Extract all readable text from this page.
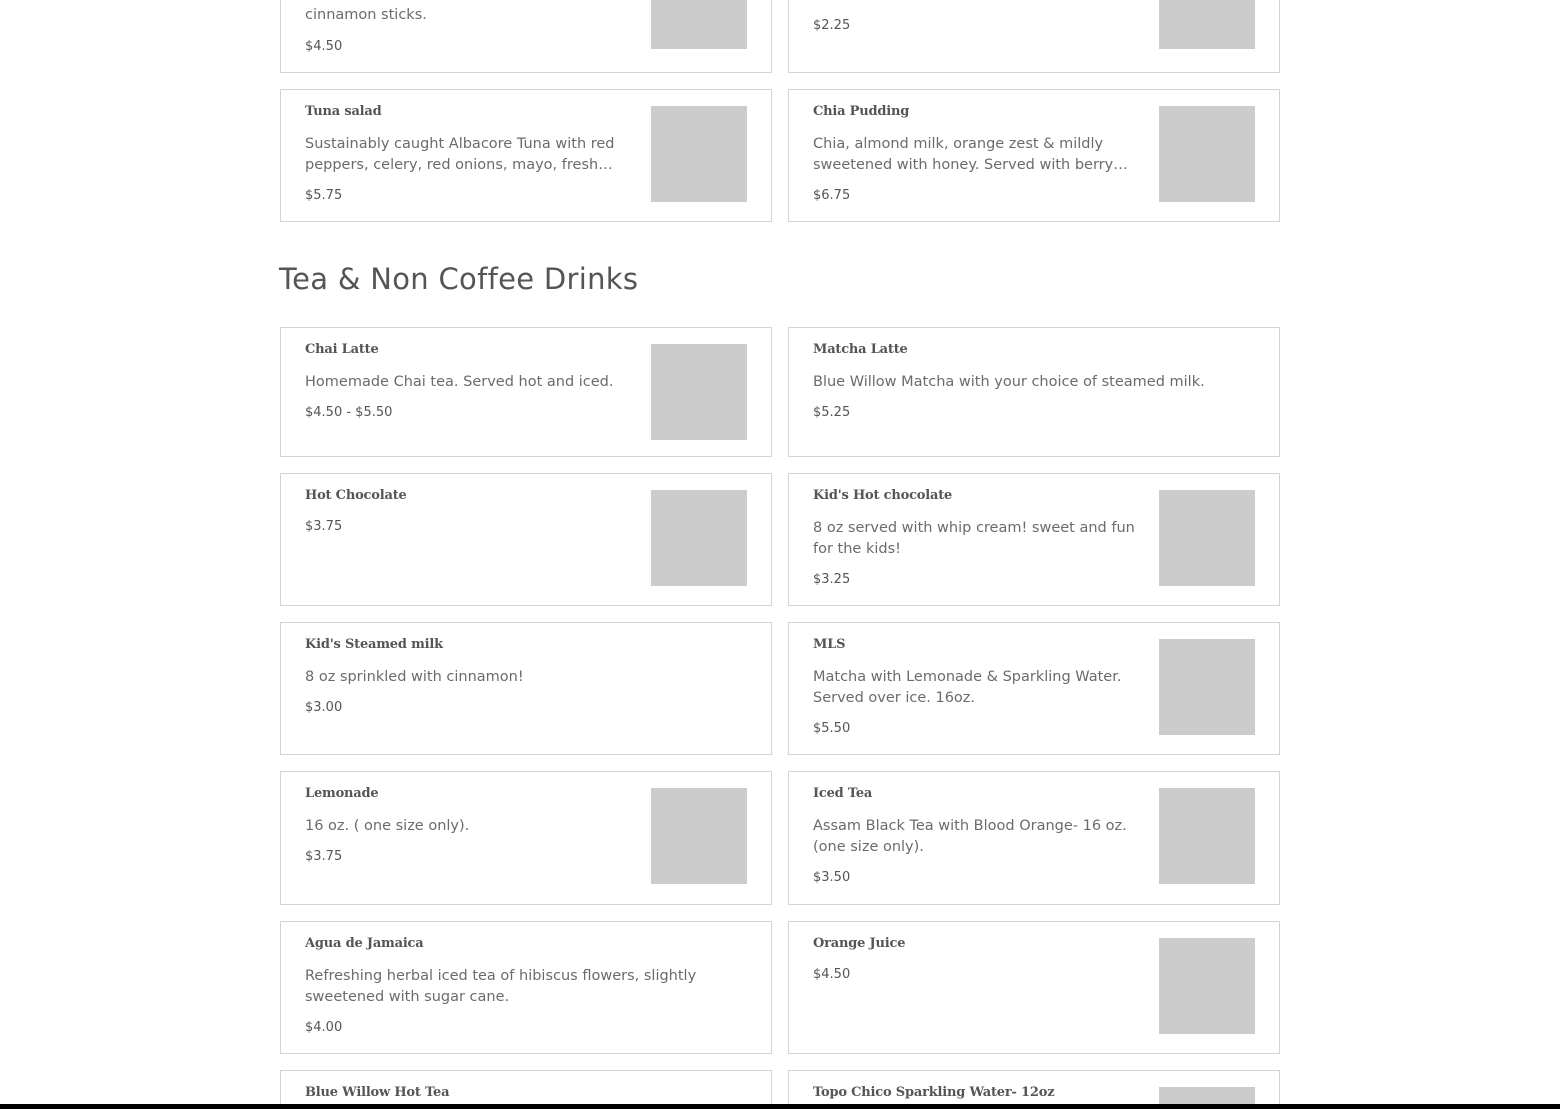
cinnamon sticks.
$4.50
$2.25
Tuna salad
Sustainably caught Albacore Tuna with red peppers, celery, red onions, mayo, fresh
$5.75
Chia Pudding
Chia, almond milk, orange zest & mildly sweetened with honey. Served with berry
$6.75
Tea & Non Coffee Drinks
Chai Latte
Homemade Chai tea. Served hot and iced.
$4.50 - $5.50
Matcha Latte
Blue Willow Matcha with your choice of steamed milk.
$5.25
Hot Chocolate
$3.75
Kid's Hot chocolate
8 oz served with whip cream! sweet and fun for the kids!
$3.25
Kid's Steamed milk
8 oz sprinkled with cinnamon!
$3.00
MLS
Matcha with Lemonade & Sparkling Water. Served over ice. 16oz.
$5.50
Lemonade
16 oz. ( one size only).
$3.75
Iced Tea
Assam Black Tea with Blood Orange- 16 oz. (one size only).
$3.50
Agua de Jamaica
Refreshing herbal iced tea of hibiscus flowers, slightly sweetened with sugar cane.
$4.00
Orange Juice
$4.50
Blue Willow Hot Tea	Topo Chico Sparkling Water- 12oz
